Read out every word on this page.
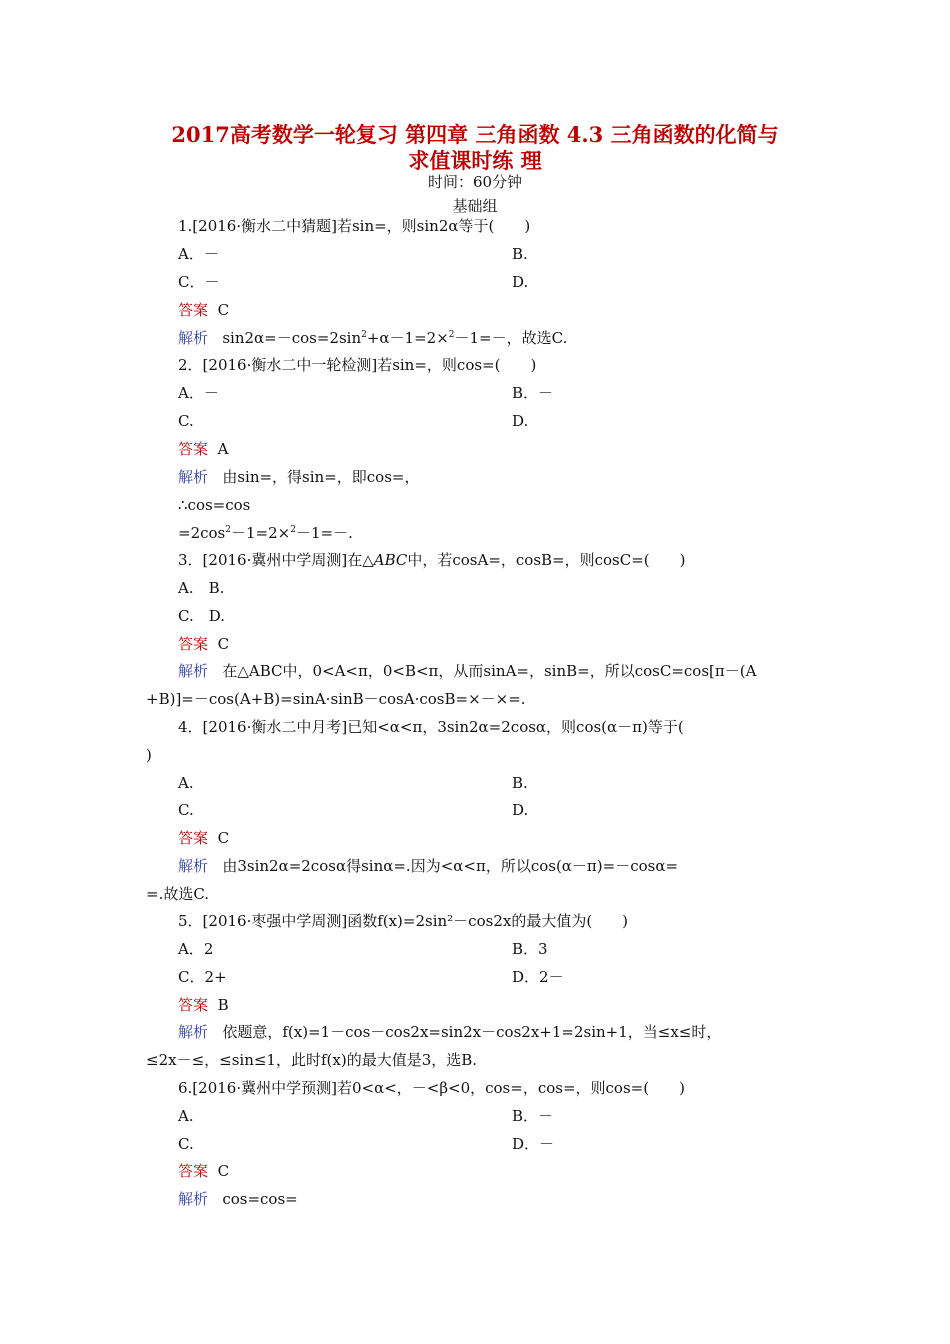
2017高考数学一轮复习 第四章 三角函数 4.3 三角函数的化简与
求值课时练 理
时间：60分钟
基础组
1.[2016·衡水二中猜题]若sin=，则sin2α等于(　　)
A．－	B.
C．－	D.
答案 C
解析 $\sin 2\alpha=-\cos=2\sin^2+\alpha-1=2\times^2-1=-$，故选C.
2．[2016·衡水二中一轮检测]若sin=，则cos=(　　)
A．－	B．－
C.	D.
答案 A
解析 由sin=，得sin=，即cos=，
∴cos=cos
$=2\cos^2-1=2\times^2-1=-$.
3．[2016·冀州中学周测]在△ABC中，若cosA=，cosB=，则cosC=(　　)
A.　B.
C.　D.
答案 C
解析 在△ABC中，0<A<π，0<B<π，从而sinA=，sinB=，所以cosC=cos[π－(A
+B)]=－cos(A+B)=sinA·sinB－cosA·cosB=×－×=.
4．[2016·衡水二中月考]已知<α<π，3sin2α=2cosα，则cos(α－π)等于(
)
A.	B.
C.	D.
答案 C
解析 由3sin2α=2cosα得sinα=.因为<α<π，所以cos(α－π)=－cosα=
=.故选C.
5．[2016·枣强中学周测]函数f(x)=2sin²－cos2x的最大值为(　　)
A．2	B．3
C．2+	D．2－
答案 B
解析 依题意，f(x)=1－cos－cos2x=sin2x－cos2x+1=2sin+1，当≤x≤时，
≤2x－≤，≤sin≤1，此时f(x)的最大值是3，选B.
6.[2016·冀州中学预测]若0<α<，－<β<0，cos=，cos=，则cos=(　　)
A.	B．－
C.	D．－
答案 C
解析 cos=cos=
